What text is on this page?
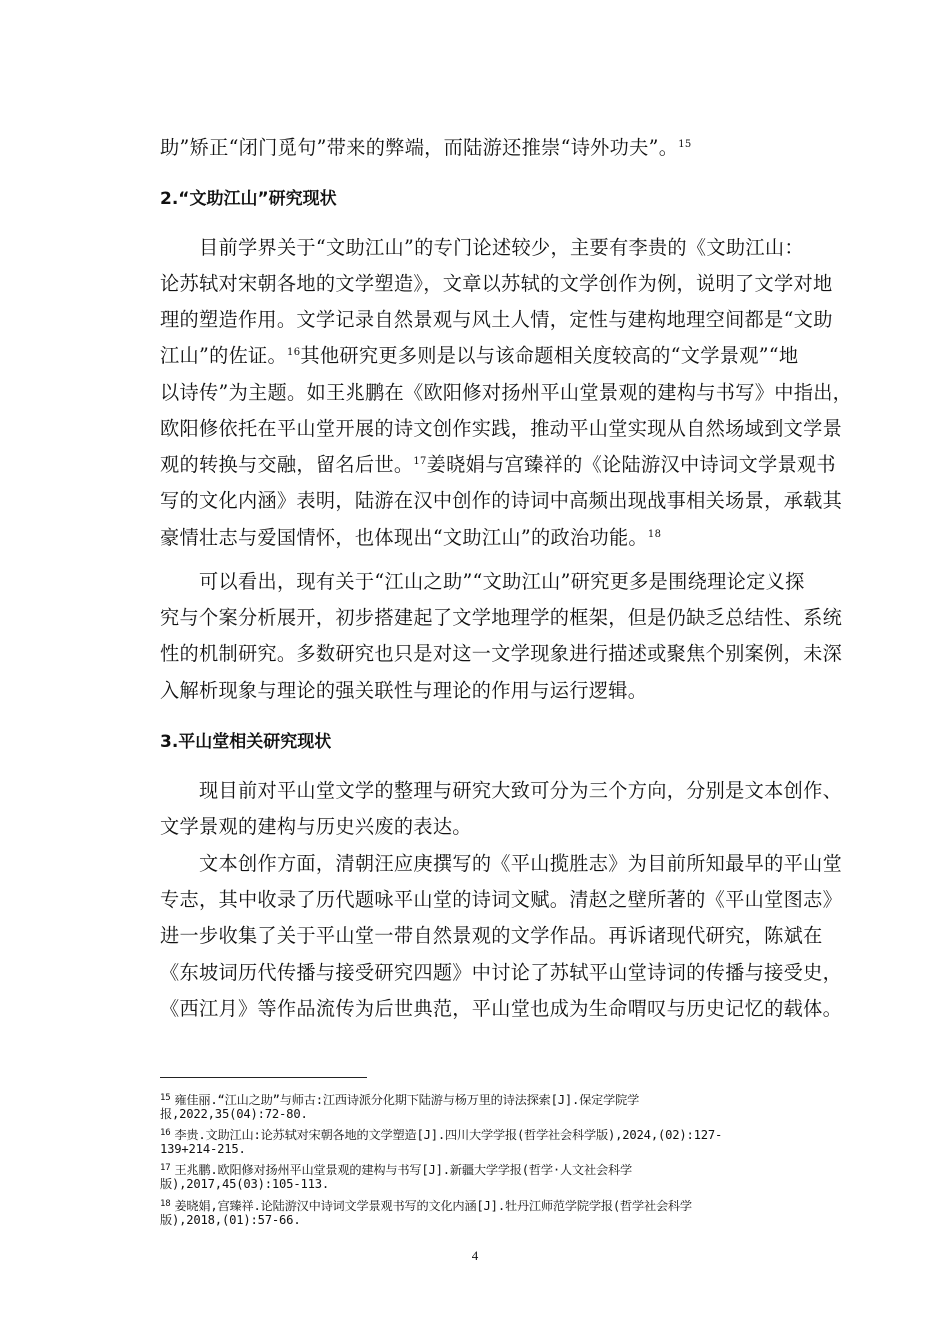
助”矫正“闭门觅句”带来的弊端，而陆游还推崇“诗外功夫”。$^{15}$
2.“文助江山”研究现状
目前学界关于“文助江山”的专门论述较少，主要有李贵的《文助江山：
论苏轼对宋朝各地的文学塑造》，文章以苏轼的文学创作为例，说明了文学对地
理的塑造作用。文学记录自然景观与风土人情，定性与建构地理空间都是“文助
江山”的佐证。$^{16}$其他研究更多则是以与该命题相关度较高的“文学景观”“地
以诗传”为主题。如王兆鹏在《欧阳修对扬州平山堂景观的建构与书写》中指出，
欧阳修依托在平山堂开展的诗文创作实践，推动平山堂实现从自然场域到文学景
观的转换与交融，留名后世。$^{17}$姜晓娟与宫臻祥的《论陆游汉中诗词文学景观书
写的文化内涵》表明，陆游在汉中创作的诗词中高频出现战事相关场景，承载其
豪情壮志与爱国情怀，也体现出“文助江山”的政治功能。$^{18}$
可以看出，现有关于“江山之助”“文助江山”研究更多是围绕理论定义探
究与个案分析展开，初步搭建起了文学地理学的框架，但是仍缺乏总结性、系统
性的机制研究。多数研究也只是对这一文学现象进行描述或聚焦个别案例，未深
入解析现象与理论的强关联性与理论的作用与运行逻辑。
3.平山堂相关研究现状
现目前对平山堂文学的整理与研究大致可分为三个方向，分别是文本创作、
文学景观的建构与历史兴废的表达。
文本创作方面，清朝汪应庚撰写的《平山揽胜志》为目前所知最早的平山堂
专志，其中收录了历代题咏平山堂的诗词文赋。清赵之壁所著的《平山堂图志》
进一步收集了关于平山堂一带自然景观的文学作品。再诉诸现代研究，陈斌在
《东坡词历代传播与接受研究四题》中讨论了苏轼平山堂诗词的传播与接受史，
《西江月》等作品流传为后世典范，平山堂也成为生命喟叹与历史记忆的载体。
$^{15}$ 雍佳丽.“江山之助”与师古:江西诗派分化期下陆游与杨万里的诗法探索[J].保定学院学
报,2022,35(04):72-80.
$^{16}$ 李贵.文助江山:论苏轼对宋朝各地的文学塑造[J].四川大学学报(哲学社会科学版),2024,(02):127-
139+214-215.
$^{17}$ 王兆鹏.欧阳修对扬州平山堂景观的建构与书写[J].新疆大学学报(哲学·人文社会科学
版),2017,45(03):105-113.
$^{18}$ 姜晓娟,宫臻祥.论陆游汉中诗词文学景观书写的文化内涵[J].牡丹江师范学院学报(哲学社会科学
版),2018,(01):57-66.
4
